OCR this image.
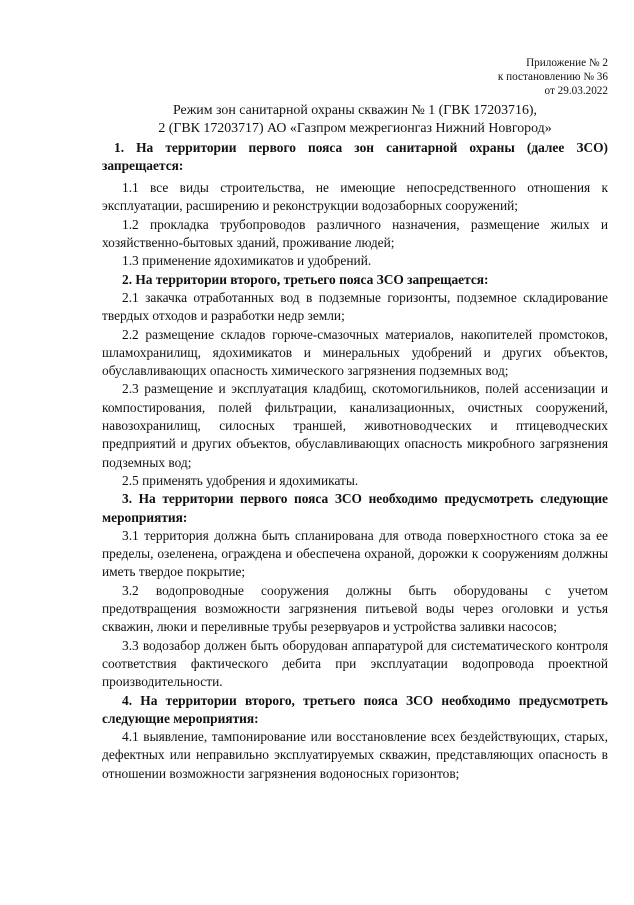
Приложение № 2
к постановлению № 36
от 29.03.2022
Режим зон санитарной охраны скважин № 1 (ГВК 17203716),
2 (ГВК 17203717) АО «Газпром межрегионгаз Нижний Новгород»

1. На территории первого пояса зон санитарной охраны (далее ЗСО) запрещается:

1.1 все виды строительства, не имеющие непосредственного отношения к эксплуатации, расширению и реконструкции водозаборных сооружений;

1.2 прокладка трубопроводов различного назначения, размещение жилых и хозяйственно-бытовых зданий, проживание людей;

1.3 применение ядохимикатов и удобрений.

2. На территории второго, третьего пояса ЗСО запрещается:

2.1 закачка отработанных вод в подземные горизонты, подземное складирование твердых отходов и разработки недр земли;

2.2 размещение складов горюче-смазочных материалов, накопителей промстоков, шламохранилищ, ядохимикатов и минеральных удобрений и других объектов, обуславливающих опасность химического загрязнения подземных вод;

2.3 размещение и эксплуатация кладбищ, скотомогильников, полей ассенизации и компостирования, полей фильтрации, канализационных, очистных сооружений, навозохранилищ, силосных траншей, животноводческих и птицеводческих предприятий и других объектов, обуславливающих опасность микробного загрязнения подземных вод;

2.5 применять удобрения и ядохимикаты.

3. На территории первого пояса ЗСО необходимо предусмотреть следующие мероприятия:

3.1 территория должна быть спланирована для отвода поверхностного стока за ее пределы, озеленена, ограждена и обеспечена охраной, дорожки к сооружениям должны иметь твердое покрытие;

3.2 водопроводные сооружения должны быть оборудованы с учетом предотвращения возможности загрязнения питьевой воды через оголовки и устья скважин, люки и переливные трубы резервуаров и устройства заливки насосов;

3.3 водозабор должен быть оборудован аппаратурой для систематического контроля соответствия фактического дебита при эксплуатации водопровода проектной производительности.

4. На территории второго, третьего пояса ЗСО необходимо предусмотреть следующие мероприятия:

4.1 выявление, тампонирование или восстановление всех бездействующих, старых, дефектных или неправильно эксплуатируемых скважин, представляющих опасность в отношении возможности загрязнения водоносных горизонтов;
